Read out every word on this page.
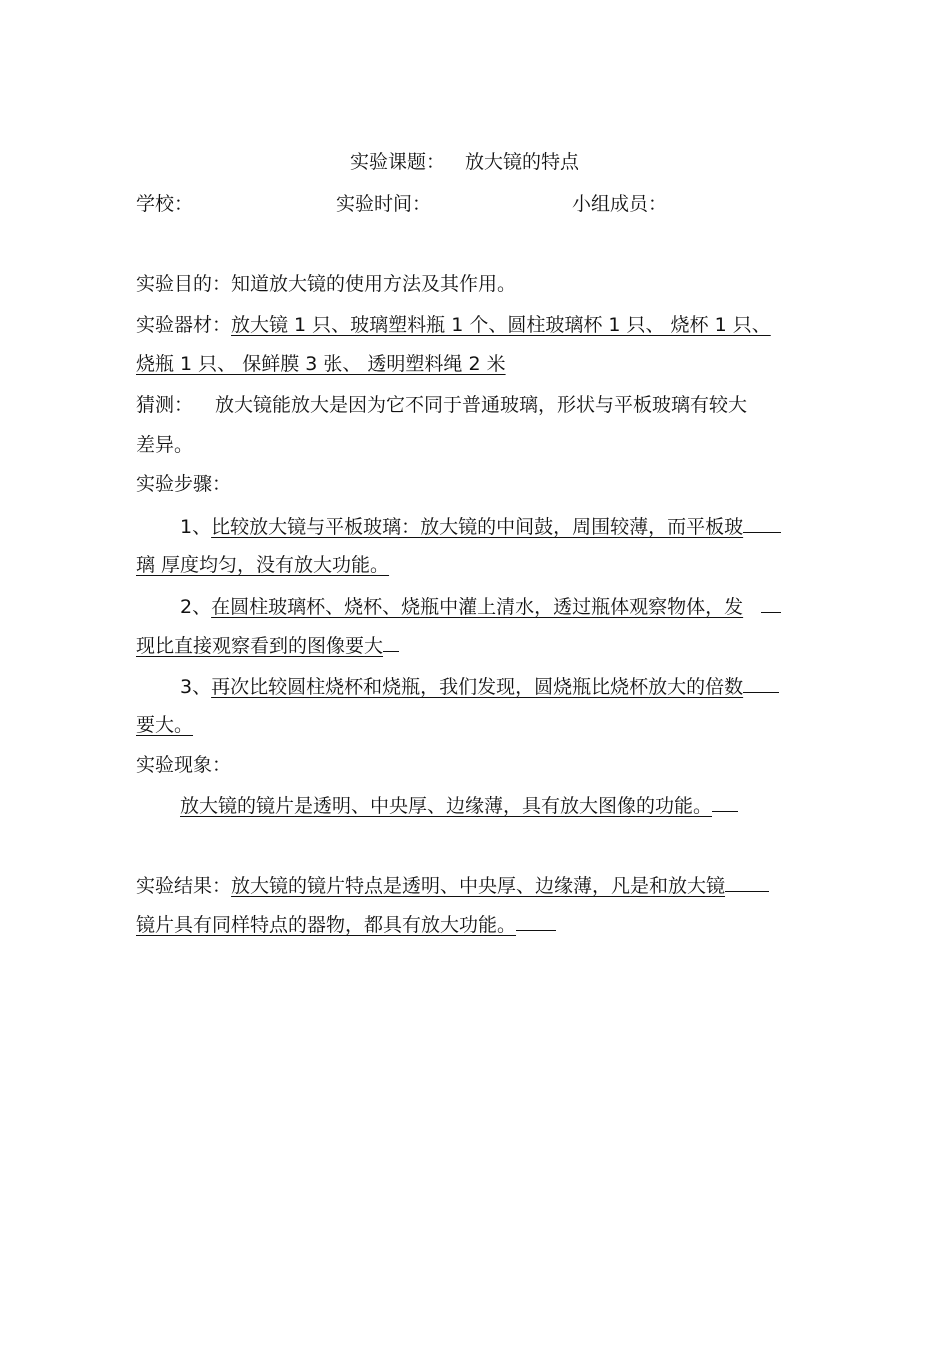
实验课题： 放大镜的特点
学校：	实验时间：	小组成员：
实验目的：知道放大镜的使用方法及其作用。
实验器材：放大镜 1 只、玻璃塑料瓶 1 个、圆柱玻璃杯 1 只、 烧杯 1 只、
烧瓶 1 只、 保鲜膜 3 张、 透明塑料绳 2 米
猜测： 放大镜能放大是因为它不同于普通玻璃，形状与平板玻璃有较大
差异。
实验步骤：
1、比较放大镜与平板玻璃：放大镜的中间鼓，周围较薄，而平板玻
璃 厚度均匀，没有放大功能。
2、在圆柱玻璃杯、烧杯、烧瓶中灌上清水，透过瓶体观察物体，发
现比直接观察看到的图像要大
3、再次比较圆柱烧杯和烧瓶，我们发现，圆烧瓶比烧杯放大的倍数
要大。
实验现象：
放大镜的镜片是透明、中央厚、边缘薄，具有放大图像的功能。
实验结果：放大镜的镜片特点是透明、中央厚、边缘薄，凡是和放大镜
镜片具有同样特点的器物，都具有放大功能。
